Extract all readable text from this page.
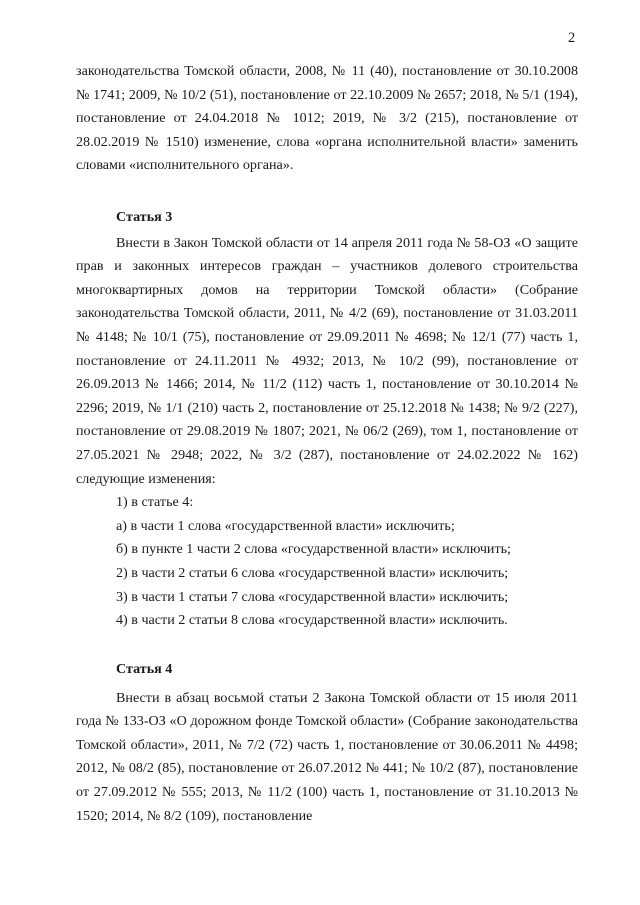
2

законодательства Томской области, 2008, № 11 (40), постановление от 30.10.2008 № 1741; 2009, № 10/2 (51), постановление от 22.10.2009 № 2657; 2018, № 5/1 (194), постановление от 24.04.2018 № 1012; 2019, № 3/2 (215), постановление от 28.02.2019 № 1510) изменение, слова «органа исполнительной власти» заменить словами «исполнительного органа».

Статья 3

Внести в Закон Томской области от 14 апреля 2011 года № 58-ОЗ «О защите прав и законных интересов граждан – участников долевого строительства многоквартирных домов на территории Томской области» (Собрание законодательства Томской области, 2011, № 4/2 (69), постановление от 31.03.2011 № 4148; № 10/1 (75), постановление от 29.09.2011 № 4698; № 12/1 (77) часть 1, постановление от 24.11.2011 № 4932; 2013, № 10/2 (99), постановление от 26.09.2013 № 1466; 2014, № 11/2 (112) часть 1, постановление от 30.10.2014 № 2296; 2019, № 1/1 (210) часть 2, постановление от 25.12.2018 № 1438; № 9/2 (227), постановление от 29.08.2019 № 1807; 2021, № 06/2 (269), том 1, постановление от 27.05.2021 № 2948; 2022, № 3/2 (287), постановление от 24.02.2022 № 162) следующие изменения:

1) в статье 4:

а) в части 1 слова «государственной власти» исключить;

б) в пункте 1 части 2 слова «государственной власти» исключить;

2) в части 2 статьи 6 слова «государственной власти» исключить;

3) в части 1 статьи 7 слова «государственной власти» исключить;

4) в части 2 статьи 8 слова «государственной власти» исключить.

Статья 4

Внести в абзац восьмой статьи 2 Закона Томской области от 15 июля 2011 года № 133-ОЗ «О дорожном фонде Томской области» (Собрание законодательства Томской области», 2011, № 7/2 (72) часть 1, постановление от 30.06.2011 № 4498; 2012, № 08/2 (85), постановление от 26.07.2012 № 441; № 10/2 (87), постановление от 27.09.2012 № 555; 2013, № 11/2 (100) часть 1, постановление от 31.10.2013 № 1520; 2014, № 8/2 (109), постановление
